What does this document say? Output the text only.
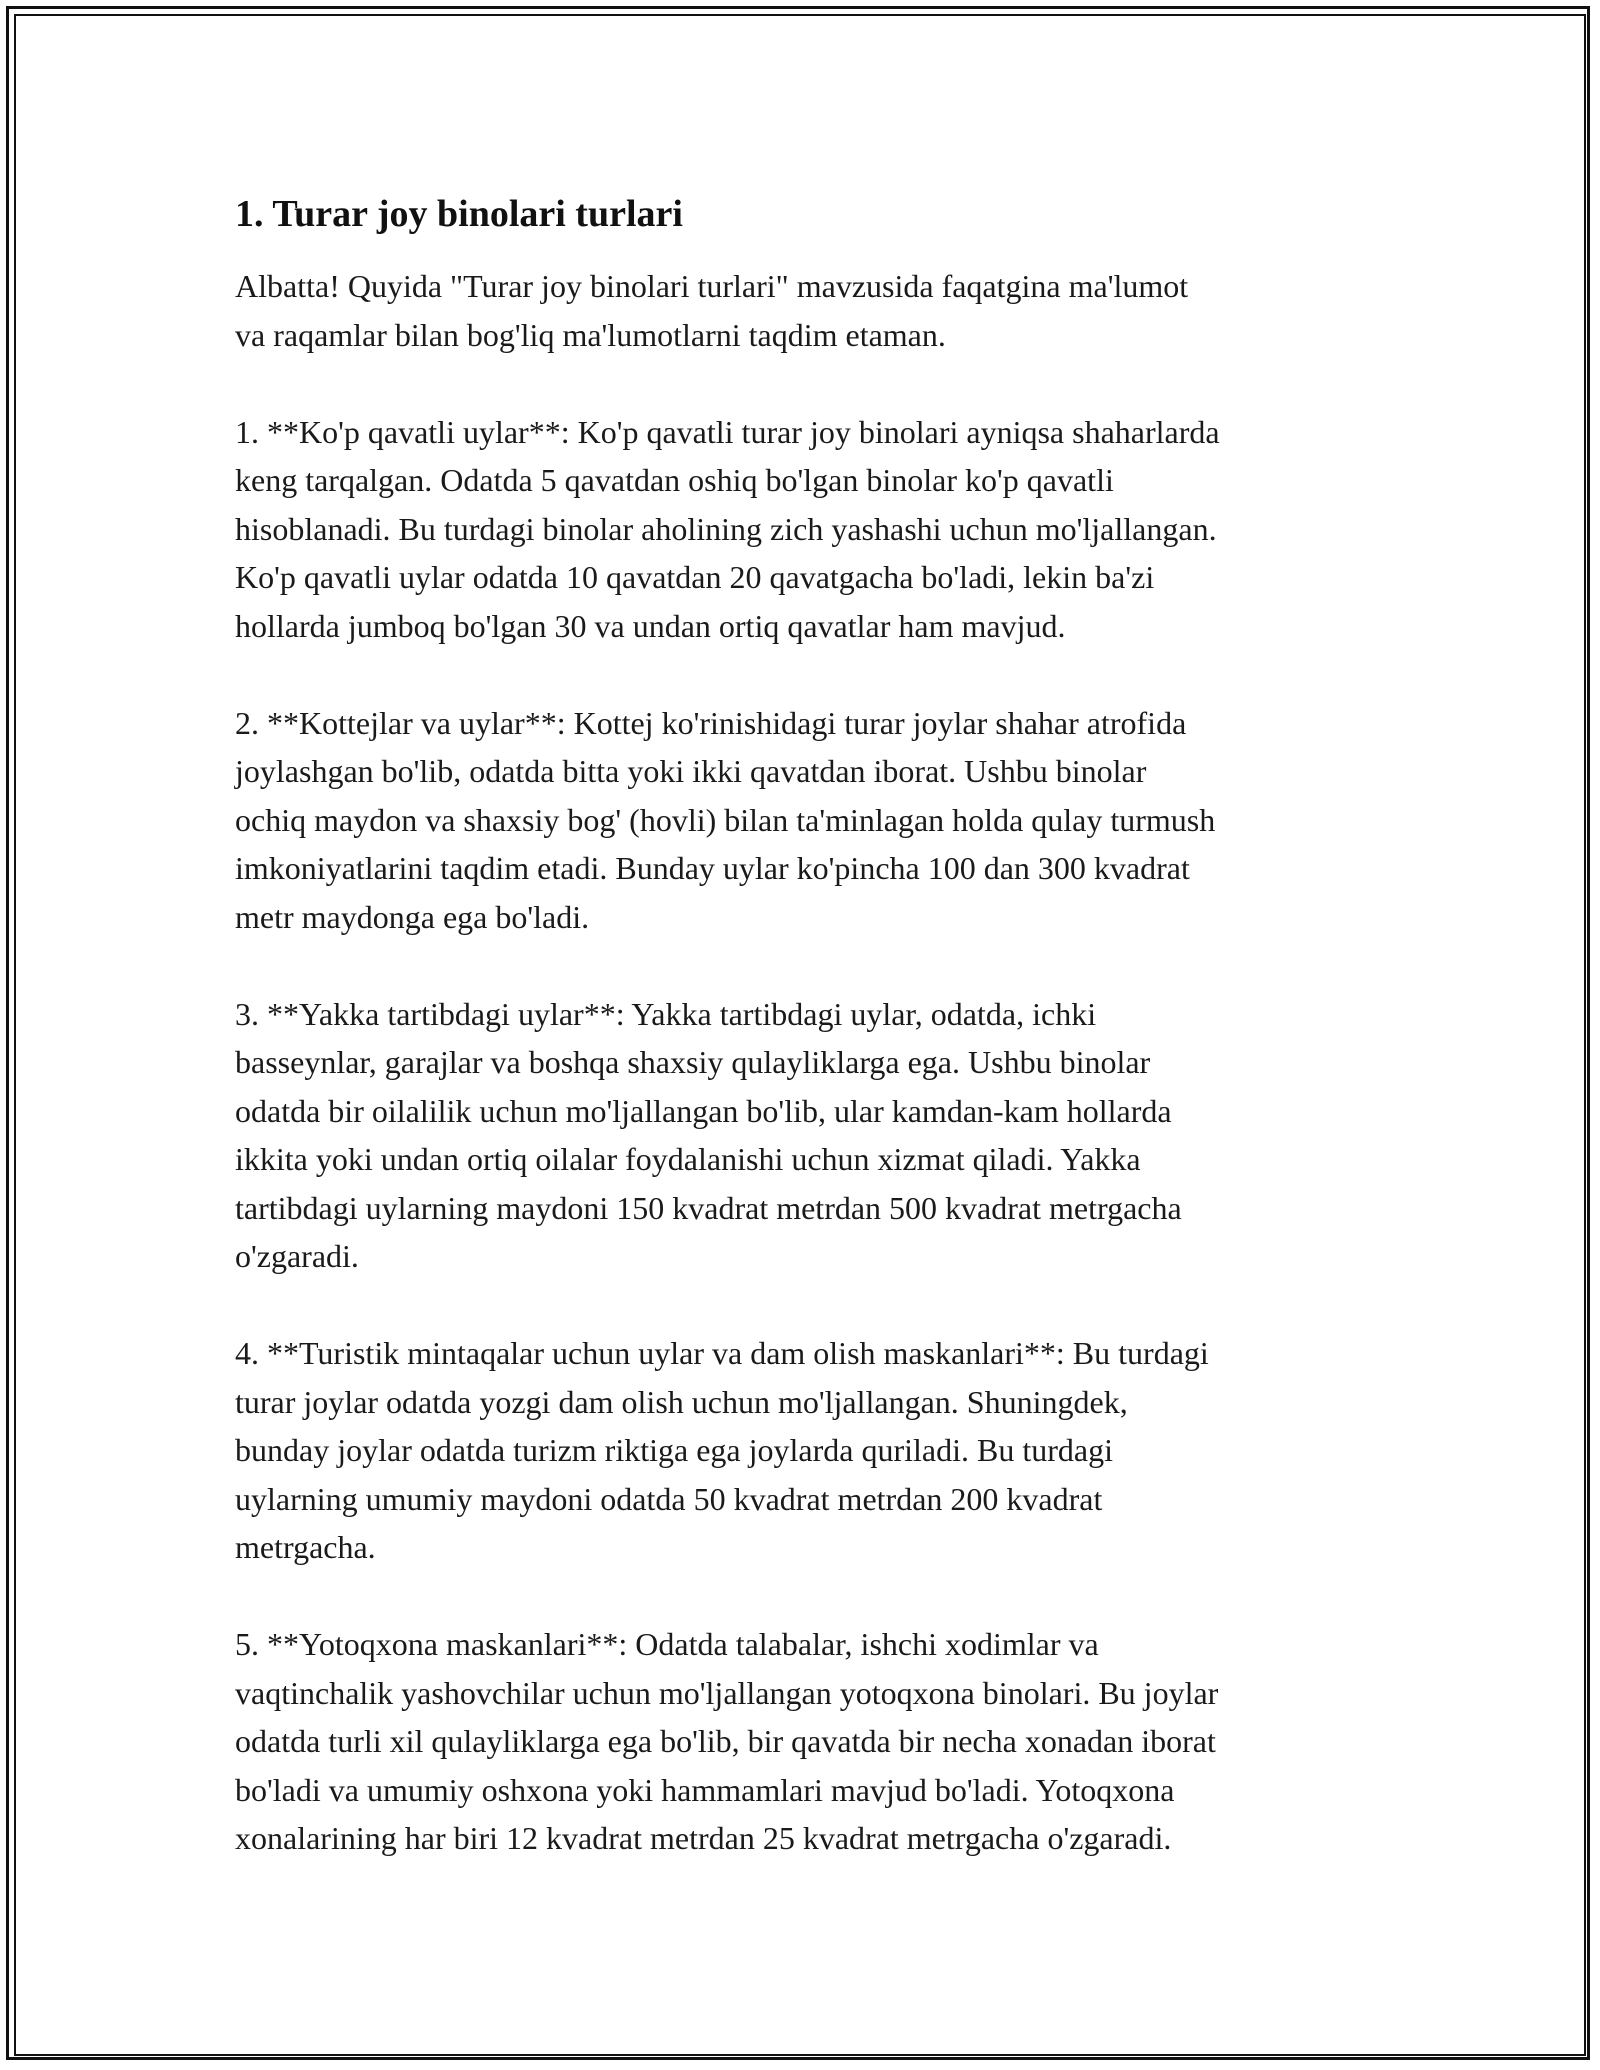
1. Turar joy binolari turlari

Albatta! Quyida "Turar joy binolari turlari" mavzusida faqatgina ma'lumot
va raqamlar bilan bog'liq ma'lumotlarni taqdim etaman.

1. **Ko'p qavatli uylar**: Ko'p qavatli turar joy binolari ayniqsa shaharlarda
keng tarqalgan. Odatda 5 qavatdan oshiq bo'lgan binolar ko'p qavatli
hisoblanadi. Bu turdagi binolar aholining zich yashashi uchun mo'ljallangan.
Ko'p qavatli uylar odatda 10 qavatdan 20 qavatgacha bo'ladi, lekin ba'zi
hollarda jumboq bo'lgan 30 va undan ortiq qavatlar ham mavjud.

2. **Kottejlar va uylar**: Kottej ko'rinishidagi turar joylar shahar atrofida
joylashgan bo'lib, odatda bitta yoki ikki qavatdan iborat. Ushbu binolar
ochiq maydon va shaxsiy bog' (hovli) bilan ta'minlagan holda qulay turmush
imkoniyatlarini taqdim etadi. Bunday uylar ko'pincha 100 dan 300 kvadrat
metr maydonga ega bo'ladi.

3. **Yakka tartibdagi uylar**: Yakka tartibdagi uylar, odatda, ichki
basseynlar, garajlar va boshqa shaxsiy qulayliklarga ega. Ushbu binolar
odatda bir oilalilik uchun mo'ljallangan bo'lib, ular kamdan-kam hollarda
ikkita yoki undan ortiq oilalar foydalanishi uchun xizmat qiladi. Yakka
tartibdagi uylarning maydoni 150 kvadrat metrdan 500 kvadrat metrgacha
o'zgaradi.

4. **Turistik mintaqalar uchun uylar va dam olish maskanlari**: Bu turdagi
turar joylar odatda yozgi dam olish uchun mo'ljallangan. Shuningdek,
bunday joylar odatda turizm riktiga ega joylarda quriladi. Bu turdagi
uylarning umumiy maydoni odatda 50 kvadrat metrdan 200 kvadrat
metrgacha.

5. **Yotoqxona maskanlari**: Odatda talabalar, ishchi xodimlar va
vaqtinchalik yashovchilar uchun mo'ljallangan yotoqxona binolari. Bu joylar
odatda turli xil qulayliklarga ega bo'lib, bir qavatda bir necha xonadan iborat
bo'ladi va umumiy oshxona yoki hammamlari mavjud bo'ladi. Yotoqxona
xonalarining har biri 12 kvadrat metrdan 25 kvadrat metrgacha o'zgaradi.
